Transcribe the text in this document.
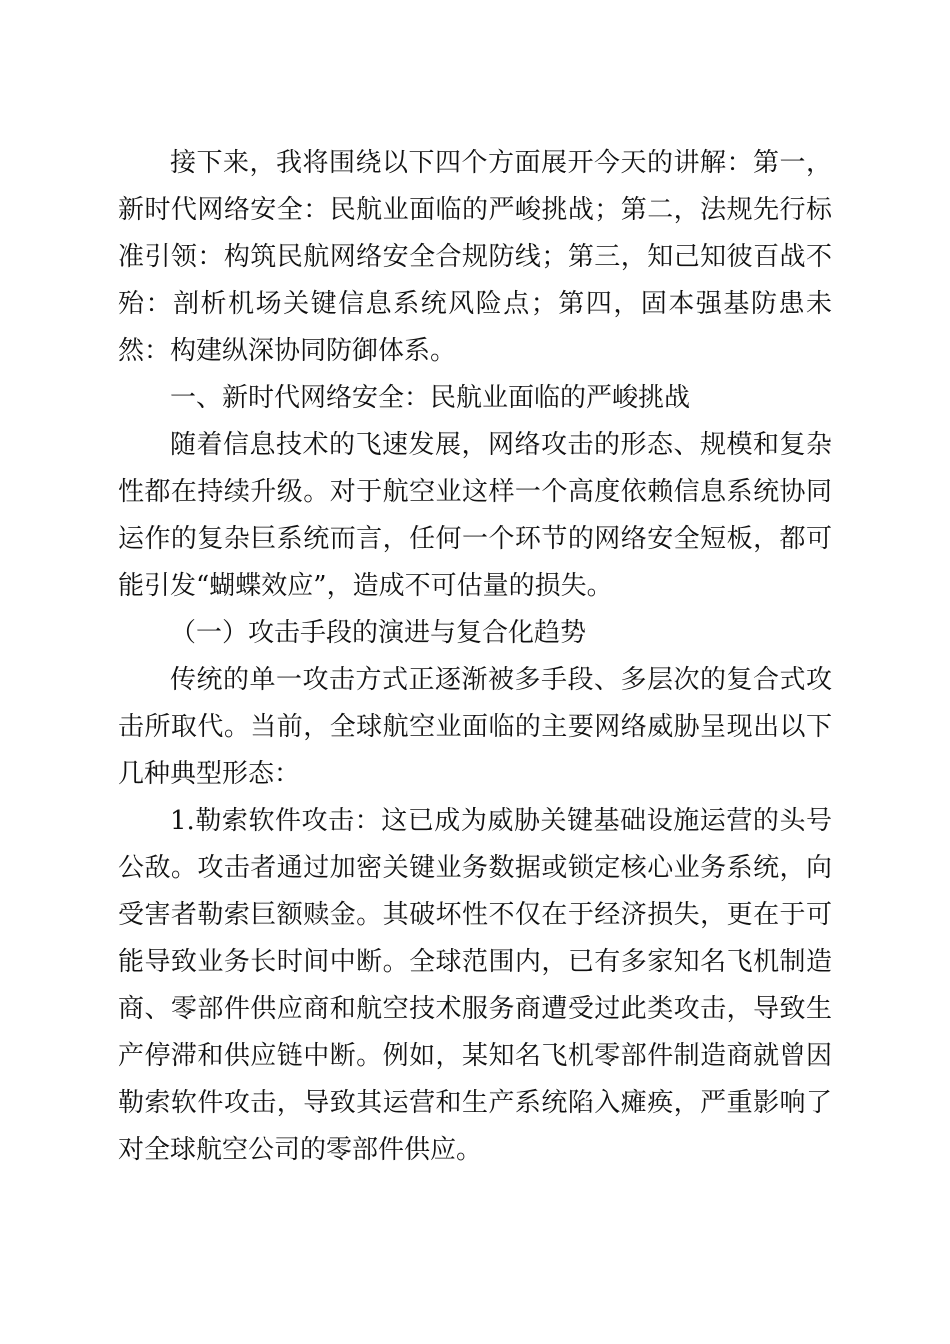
接下来，我将围绕以下四个方面展开今天的讲解：第一，新时代网络安全：民航业面临的严峻挑战；第二，法规先行标准引领：构筑民航网络安全合规防线；第三，知己知彼百战不殆：剖析机场关键信息系统风险点；第四，固本强基防患未然：构建纵深协同防御体系。

一、新时代网络安全：民航业面临的严峻挑战

随着信息技术的飞速发展，网络攻击的形态、规模和复杂性都在持续升级。对于航空业这样一个高度依赖信息系统协同运作的复杂巨系统而言，任何一个环节的网络安全短板，都可能引发“蝴蝶效应”，造成不可估量的损失。

（一）攻击手段的演进与复合化趋势

传统的单一攻击方式正逐渐被多手段、多层次的复合式攻击所取代。当前，全球航空业面临的主要网络威胁呈现出以下几种典型形态：

1.勒索软件攻击：这已成为威胁关键基础设施运营的头号公敌。攻击者通过加密关键业务数据或锁定核心业务系统，向受害者勒索巨额赎金。其破坏性不仅在于经济损失，更在于可能导致业务长时间中断。全球范围内，已有多家知名飞机制造商、零部件供应商和航空技术服务商遭受过此类攻击，导致生产停滞和供应链中断。例如，某知名飞机零部件制造商就曾因勒索软件攻击，导致其运营和生产系统陷入瘫痪，严重影响了对全球航空公司的零部件供应。
